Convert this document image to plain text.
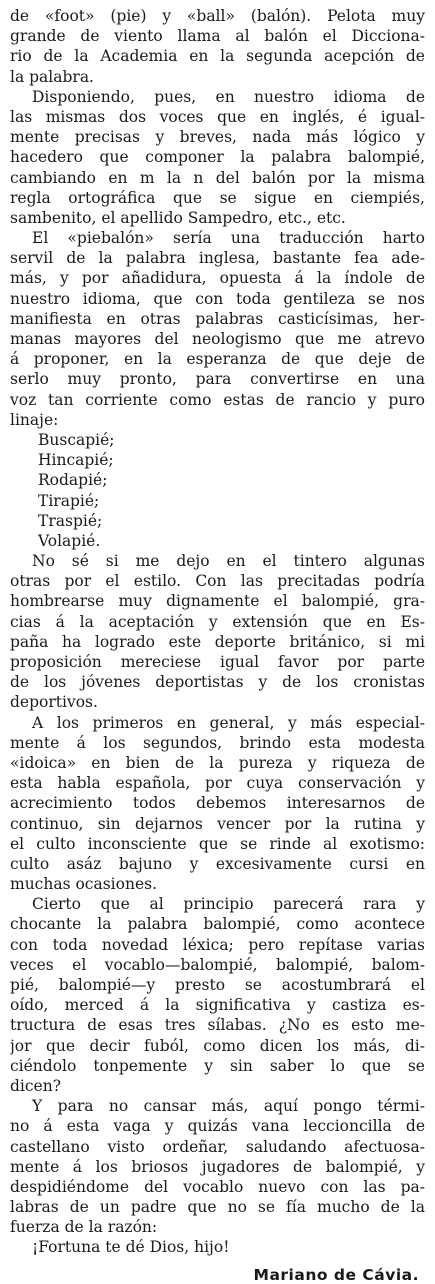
de «foot» (pie) y «ball» (balón). Pelota muy
grande de viento llama al balón el Dicciona-
rio de la Academia en la segunda acepción de
la palabra.
Disponiendo, pues, en nuestro idioma de
las mismas dos voces que en inglés, é igual-
mente precisas y breves, nada más lógico y
hacedero que componer la palabra balompié,
cambiando en m la n del balón por la misma
regla ortográfica que se sigue en ciempiés,
sambenito, el apellido Sampedro, etc., etc.
El «piebalón» sería una traducción harto
servil de la palabra inglesa, bastante fea ade-
más, y por añadidura, opuesta á la índole de
nuestro idioma, que con toda gentileza se nos
manifiesta en otras palabras casticísimas, her-
manas mayores del neologismo que me atrevo
á proponer, en la esperanza de que deje de
serlo muy pronto, para convertirse en una
voz tan corriente como estas de rancio y puro
linaje:
Buscapié;
Hincapié;
Rodapié;
Tirapié;
Traspié;
Volapié.
No sé si me dejo en el tintero algunas
otras por el estilo. Con las precitadas podría
hombrearse muy dignamente el balompié, gra-
cias á la aceptación y extensión que en Es-
paña ha logrado este deporte británico, si mi
proposición mereciese igual favor por parte
de los jóvenes deportistas y de los cronistas
deportivos.
A los primeros en general, y más especial-
mente á los segundos, brindo esta modesta
«idoica» en bien de la pureza y riqueza de
esta habla española, por cuya conservación y
acrecimiento todos debemos interesarnos de
continuo, sin dejarnos vencer por la rutina y
el culto inconsciente que se rinde al exotismo:
culto asáz bajuno y excesivamente cursi en
muchas ocasiones.
Cierto que al principio parecerá rara y
chocante la palabra balompié, como acontece
con toda novedad léxica; pero repítase varias
veces el vocablo—balompié, balompié, balom-
pié, balompié—y presto se acostumbrará el
oído, merced á la significativa y castiza es-
tructura de esas tres sílabas. ¿No es esto me-
jor que decir fuból, como dicen los más, di-
ciéndolo tonpemente y sin saber lo que se
dicen?
Y para no cansar más, aquí pongo térmi-
no á esta vaga y quizás vana leccioncilla de
castellano visto ordeñar, saludando afectuosa-
mente á los briosos jugadores de balompié, y
despidiéndome del vocablo nuevo con las pa-
labras de un padre que no se fía mucho de la
fuerza de la razón:
¡Fortuna te dé Dios, hijo!
Mariano de Cávia.
